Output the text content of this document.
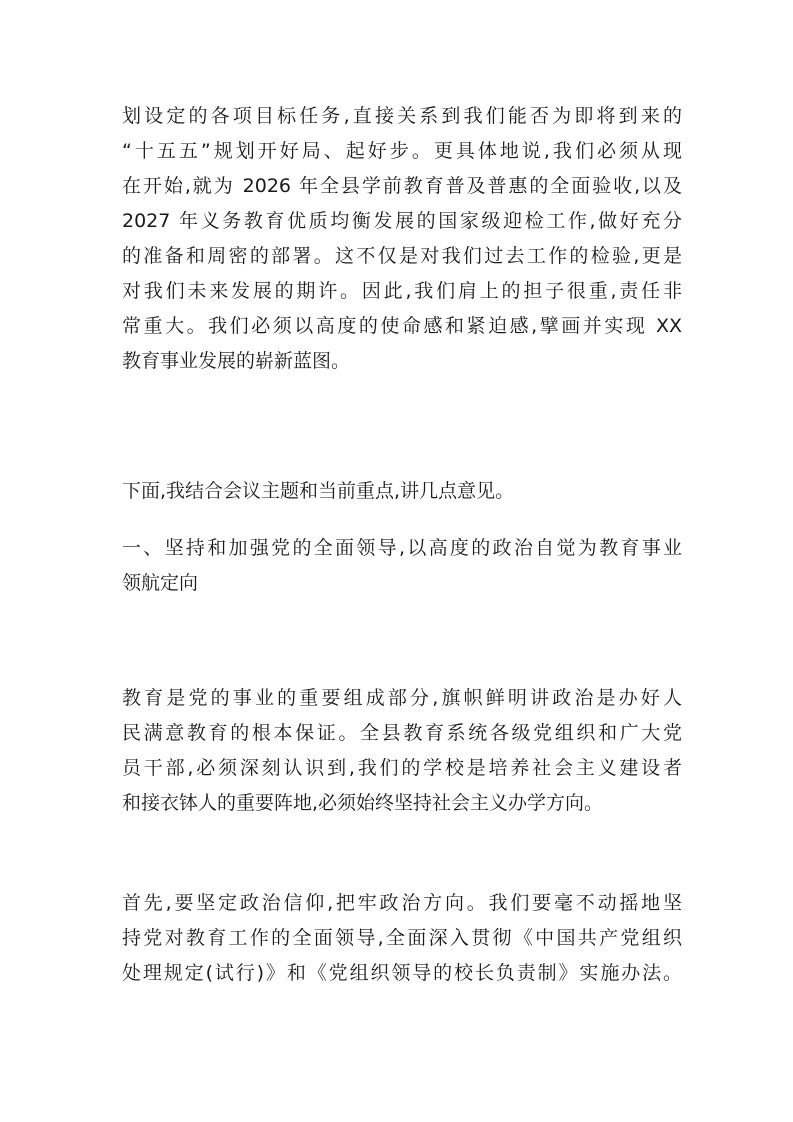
划设定的各项目标任务,直接关系到我们能否为即将到来的
“十五五”规划开好局、起好步。更具体地说,我们必须从现
在开始,就为 2026 年全县学前教育普及普惠的全面验收,以及
2027 年义务教育优质均衡发展的国家级迎检工作,做好充分
的准备和周密的部署。这不仅是对我们过去工作的检验,更是
对我们未来发展的期许。因此,我们肩上的担子很重,责任非
常重大。我们必须以高度的使命感和紧迫感,擘画并实现 XX
教育事业发展的崭新蓝图。
下面,我结合会议主题和当前重点,讲几点意见。
一、坚持和加强党的全面领导,以高度的政治自觉为教育事业
领航定向
教育是党的事业的重要组成部分,旗帜鲜明讲政治是办好人
民满意教育的根本保证。全县教育系统各级党组织和广大党
员干部,必须深刻认识到,我们的学校是培养社会主义建设者
和接衣钵人的重要阵地,必须始终坚持社会主义办学方向。
首先,要坚定政治信仰,把牢政治方向。我们要毫不动摇地坚
持党对教育工作的全面领导,全面深入贯彻《中国共产党组织
处理规定(试行)》和《党组织领导的校长负责制》实施办法。
